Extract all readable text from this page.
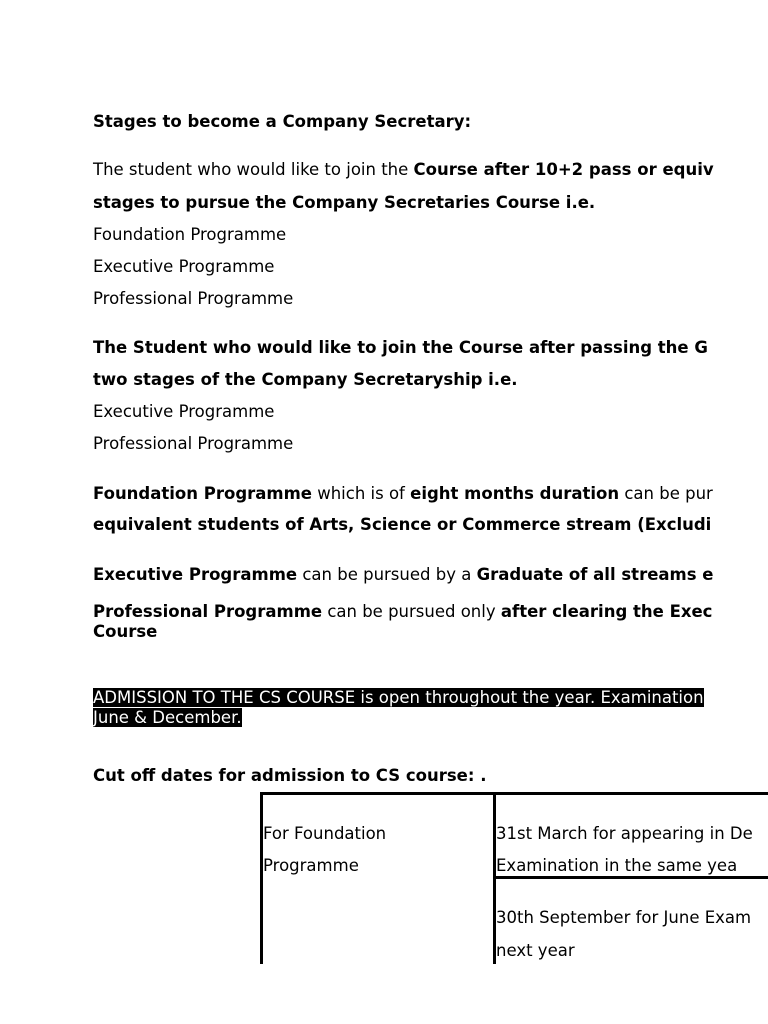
Stages to become a Company Secretary:
The student who would like to join the Course after 10+2 pass or equiv
stages to pursue the Company Secretaries Course i.e.
Foundation Programme
Executive Programme
Professional Programme
The Student who would like to join the Course after passing the G
two stages of the Company Secretaryship i.e.
Executive Programme
Professional Programme
Foundation Programme which is of eight months duration can be pur
equivalent students of Arts, Science or Commerce stream (Excludi
Executive Programme can be pursued by a Graduate of all streams e
Professional Programme can be pursued only after clearing the Exec
Course
ADMISSION TO THE CS COURSE is open throughout the year. Examination
June & December.
Cut off dates for admission to CS course: .
For Foundation
Programme
31st March for appearing in De
Examination in the same yea
30th September for June Exam
next year
